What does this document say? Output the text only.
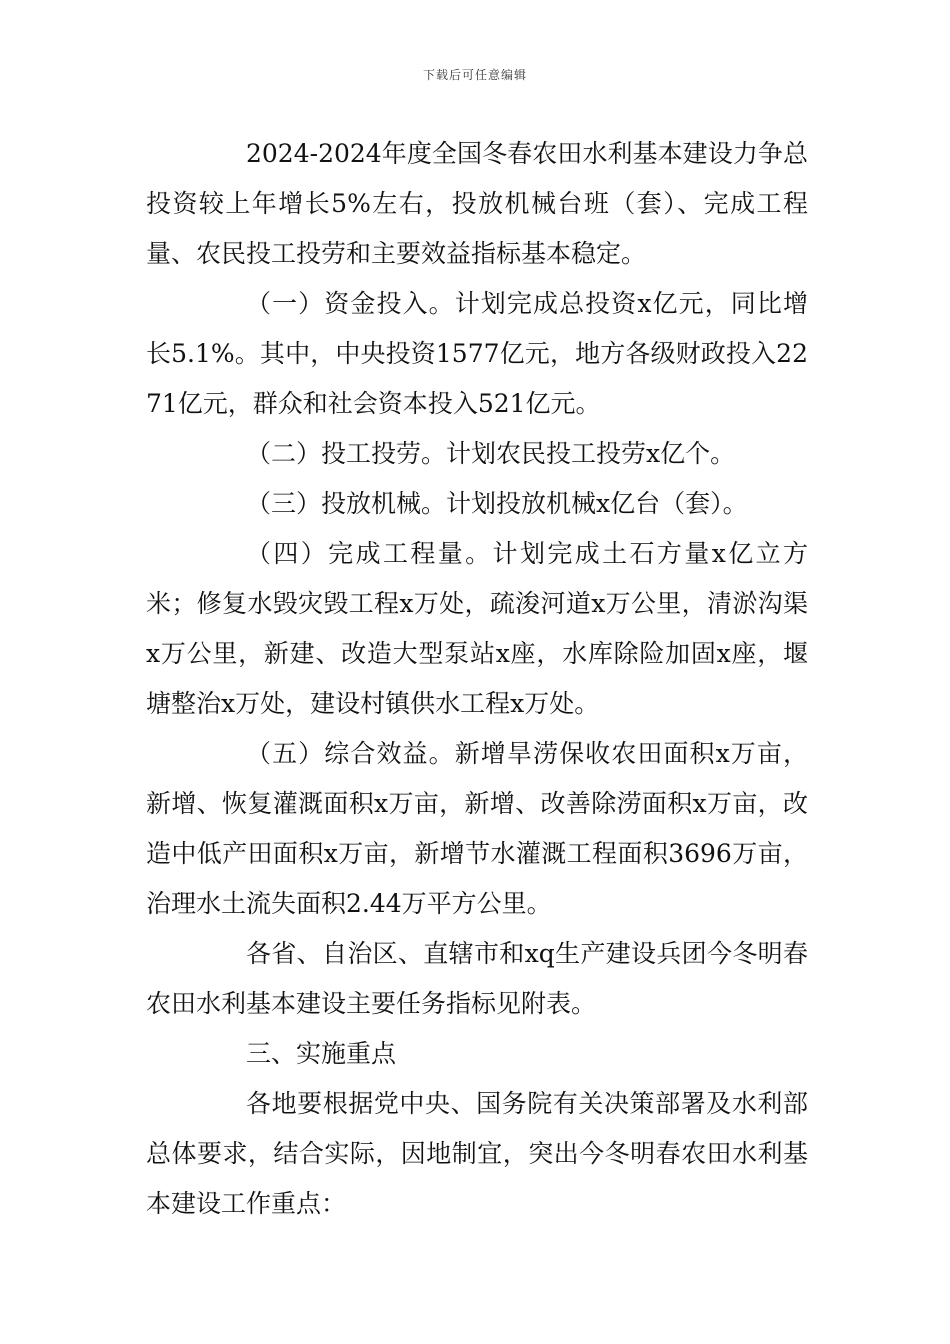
下载后可任意编辑

2024-2024年度全国冬春农田水利基本建设力争总投资较上年增长5%左右，投放机械台班（套）、完成工程量、农民投工投劳和主要效益指标基本稳定。

（一）资金投入。计划完成总投资x亿元，同比增长5.1%。其中，中央投资1577亿元，地方各级财政投入2271亿元，群众和社会资本投入521亿元。

（二）投工投劳。计划农民投工投劳x亿个。

（三）投放机械。计划投放机械x亿台（套）。

（四）完成工程量。计划完成土石方量x亿立方米；修复水毁灾毁工程x万处，疏浚河道x万公里，清淤沟渠x万公里，新建、改造大型泵站x座，水库除险加固x座，堰塘整治x万处，建设村镇供水工程x万处。

（五）综合效益。新增旱涝保收农田面积x万亩，新增、恢复灌溉面积x万亩，新增、改善除涝面积x万亩，改造中低产田面积x万亩，新增节水灌溉工程面积3696万亩，治理水土流失面积2.44万平方公里。

各省、自治区、直辖市和xq生产建设兵团今冬明春农田水利基本建设主要任务指标见附表。

三、实施重点

各地要根据党中央、国务院有关决策部署及水利部总体要求，结合实际，因地制宜，突出今冬明春农田水利基本建设工作重点：
